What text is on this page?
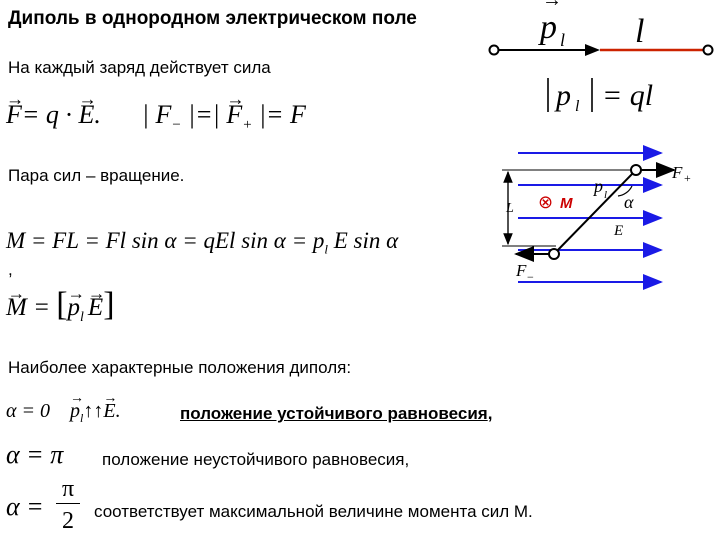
Диполь в однородном электрическом поле	p l l
→
p l = ql
На каждый заряд действует сила
→ F= q · → E. | $F_-$ |=| → $F_+$ |= F
Пара сил – вращение.
M = FL = Fl sin α = qEl $\sin \alpha = p_l$ E sin α
,
→ M = [→ $p_l \to E$]
L
p l α
E
⊗ M
F +
F −
Наиболее характерные положения диполя:
$\alpha = 0 \to p_l↑↑\to E$.	положение устойчивого равновесия,
α = π положение неустойчивого равновесия,
α =
π
2	соответствует максимальной величине момента сил М.
